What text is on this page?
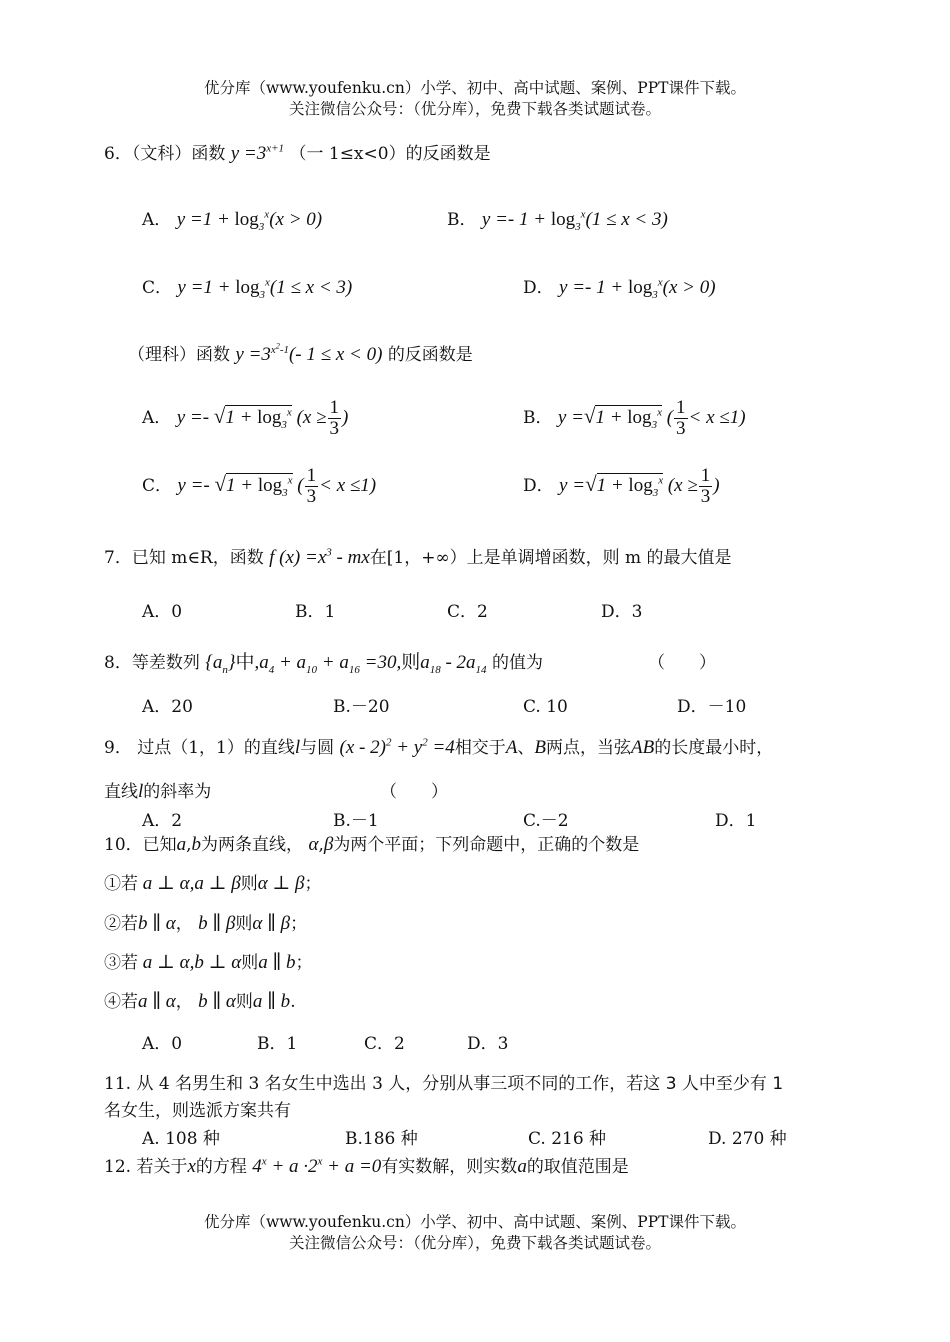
优分库（www.youfenku.cn）小学、初中、高中试题、案例、PPT课件下载。
关注微信公众号：（优分库），免费下载各类试题试卷。
6．（文科）函数 $y =3^{x+1}$ （一 1≤x<0）的反函数是
A． $y =1 + \log_3^x(x > 0)$	B． $y =- 1 + \log_3^x(1 \le x < 3)$
C． $y =1 + \log_3^x(1 \le x < 3)$	D． $y =- 1 + \log_3^x(x > 0)$
（理科）函数 $y =3^{x^2-1}(-$ 1 ≤ x < 0) 的反函数是
A． $y =- √1 + \log_3^x (x \ge \frac{1}{3}$ )	B． $y =√1 + \log_3^x$ ( $\frac{1}{3} < x \le 1$)
C． $y =- √1 + \log_3^x$ ( $\frac{1}{3} < x \le 1$)	D． $y =√1 + \log_3^x (x \ge \frac{1}{3}$ )
7．已知 m∈R，函数 f $(x) =x^3$ - mx在[1，+∞）上是单调增函数，则 m 的最大值是
A．0	B．1	C．2	D．3
8．等差数列 $\{a_n\}$中$,a_4 + a_{10} + a_{16} =30$,则$a_{18} - 2a_{14}$ 的值为	（　　）
A．20	B.－20	C. 10	D．－10
9． 过点（1，1）的直线l与圆 $(x - 2)^2 + y^2 =4$相交于A、B两点，当弦AB的长度最小时，
直线l的斜率为	（　　）
A．2	B.－1	C.－2	D．1
10．已知a,b为两条直线， α,β为两个平面；下列命题中，正确的个数是
①若 a ⊥ α,a ⊥ β则α ⊥ β；
②若b ∥ α， b ∥ β则α ∥ β；
③若 a ⊥ α,b ⊥ α则a ∥ b；
④若a ∥ α， b ∥ α则a ∥ b.
A．0	B．1	C．2	D．3
11. 从 4 名男生和 3 名女生中选出 3 人，分别从事三项不同的工作，若这 3 人中至少有 1
名女生，则选派方案共有
A. 108 种	B.186 种	C. 216 种	D. 270 种
12. 若关于x的方程 $4^x + a \cdot 2^x + a =0$有实数解，则实数a的取值范围是
优分库（www.youfenku.cn）小学、初中、高中试题、案例、PPT课件下载。
关注微信公众号：（优分库），免费下载各类试题试卷。
